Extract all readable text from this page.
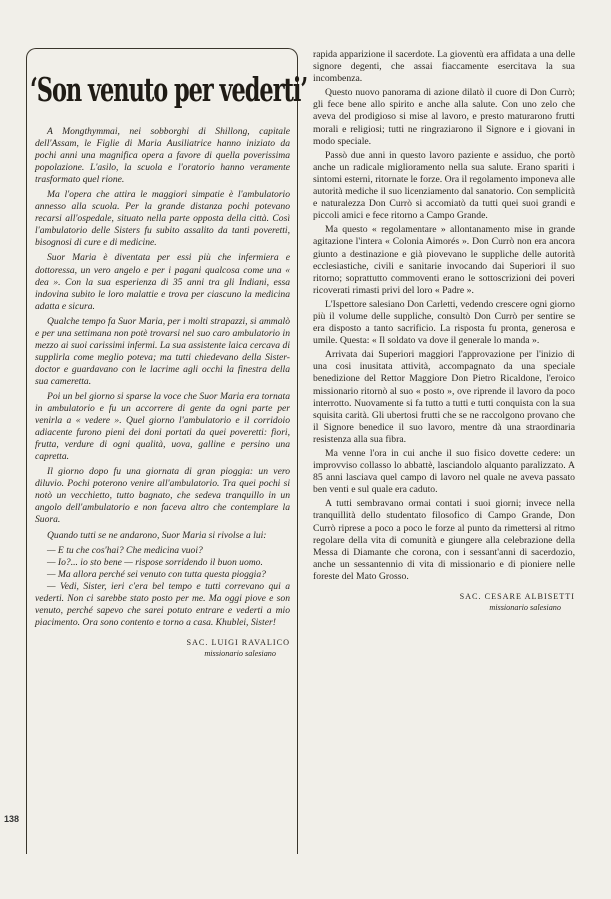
‘Son venuto per vederti’

A Mongthymmai, nei sobborghi di Shillong, capitale dell'Assam, le Figlie di Maria Ausiliatrice hanno iniziato da pochi anni una magnifica opera a favore di quella poverissima popolazione. L'asilo, la scuola e l'oratorio hanno veramente trasformato quel rione.

Ma l'opera che attira le maggiori simpatie è l'ambulatorio annesso alla scuola. Per la grande distanza pochi potevano recarsi all'ospedale, situato nella parte opposta della città. Così l'ambulatorio delle Sisters fu subito assalito da tanti poveretti, bisognosi di cure e di medicine.

Suor Maria è diventata per essi più che infermiera e dottoressa, un vero angelo e per i pagani qualcosa come una « dea ». Con la sua esperienza di 35 anni tra gli Indiani, essa indovina subito le loro malattie e trova per ciascuno la medicina adatta e sicura.

Qualche tempo fa Suor Maria, per i molti strapazzi, si ammalò e per una settimana non potè trovarsi nel suo caro ambulatorio in mezzo ai suoi carissimi infermi. La sua assistente laica cercava di supplirla come meglio poteva; ma tutti chiedevano della Sister-doctor e guardavano con le lacrime agli occhi la finestra della sua cameretta.

Poi un bel giorno si sparse la voce che Suor Maria era tornata in ambulatorio e fu un accorrere di gente da ogni parte per venirla a « vedere ». Quel giorno l'ambulatorio e il corridoio adiacente furono pieni dei doni portati da quei poveretti: fiori, frutta, verdure di ogni qualità, uova, galline e persino una capretta.

Il giorno dopo fu una giornata di gran pioggia: un vero diluvio. Pochi poterono venire all'ambulatorio. Tra quei pochi si notò un vecchietto, tutto bagnato, che sedeva tranquillo in un angolo dell'ambulatorio e non faceva altro che contemplare la Suora.

Quando tutti se ne andarono, Suor Maria si rivolse a lui:

— E tu che cos'hai? Che medicina vuoi?

— Io?... io sto bene — rispose sorridendo il buon uomo.

— Ma allora perché sei venuto con tutta questa pioggia?

— Vedi, Sister, ieri c'era bel tempo e tutti correvano qui a vederti. Non ci sarebbe stato posto per me. Ma oggi piove e son venuto, perché sapevo che sarei potuto entrare e vederti a mio piacimento. Ora sono contento e torno a casa. Khublei, Sister!

SAC. LUIGI RAVALICO

missionario salesiano

rapida apparizione il sacerdote. La gioventù era affidata a una delle signore degenti, che assai fiaccamente esercitava la sua incombenza.

Questo nuovo panorama di azione dilatò il cuore di Don Currò; gli fece bene allo spirito e anche alla salute. Con uno zelo che aveva del prodigioso si mise al lavoro, e presto maturarono frutti morali e religiosi; tutti ne ringraziarono il Signore e i giovani in modo speciale.

Passò due anni in questo lavoro paziente e assiduo, che portò anche un radicale miglioramento nella sua salute. Erano spariti i sintomi esterni, ritornate le forze. Ora il regolamento imponeva alle autorità mediche il suo licenziamento dal sanatorio. Con semplicità e naturalezza Don Currò si accomiatò da tutti quei suoi grandi e piccoli amici e fece ritorno a Campo Grande.

Ma questo « regolamentare » allontanamento mise in grande agitazione l'intera « Colonia Aimorés ». Don Currò non era ancora giunto a destinazione e già piovevano le suppliche delle autorità ecclesiastiche, civili e sanitarie invocando dai Superiori il suo ritorno; soprattutto commoventi erano le sottoscrizioni dei poveri ricoverati rimasti privi del loro « Padre ».

L'Ispettore salesiano Don Carletti, vedendo crescere ogni giorno più il volume delle suppliche, consultò Don Currò per sentire se era disposto a tanto sacrificio. La risposta fu pronta, generosa e umile. Questa: « Il soldato va dove il generale lo manda ».

Arrivata dai Superiori maggiori l'approvazione per l'inizio di una cosi inusitata attività, accompagnato da una speciale benedizione del Rettor Maggiore Don Pietro Ricaldone, l'eroico missionario ritornò al suo « posto », ove riprende il lavoro da poco interrotto. Nuovamente si fa tutto a tutti e tutti conquista con la sua squisita carità. Gli ubertosi frutti che se ne raccolgono provano che il Signore benedice il suo lavoro, mentre dà una straordinaria resistenza alla sua fibra.

Ma venne l'ora in cui anche il suo fisico dovette cedere: un improvviso collasso lo abbattè, lasciandolo alquanto paralizzato. A 85 anni lasciava quel campo di lavoro nel quale ne aveva passato ben venti e sul quale era caduto.

A tutti sembravano ormai contati i suoi giorni; invece nella tranquillità dello studentato filosofico di Campo Grande, Don Currò riprese a poco a poco le forze al punto da rimettersi al ritmo regolare della vita di comunità e giungere alla celebrazione della Messa di Diamante che corona, con i sessant'anni di sacerdozio, anche un sessantennio di vita di missionario e di pioniere nelle foreste del Mato Grosso.

SAC. CESARE ALBISETTI

missionario salesiano
138
